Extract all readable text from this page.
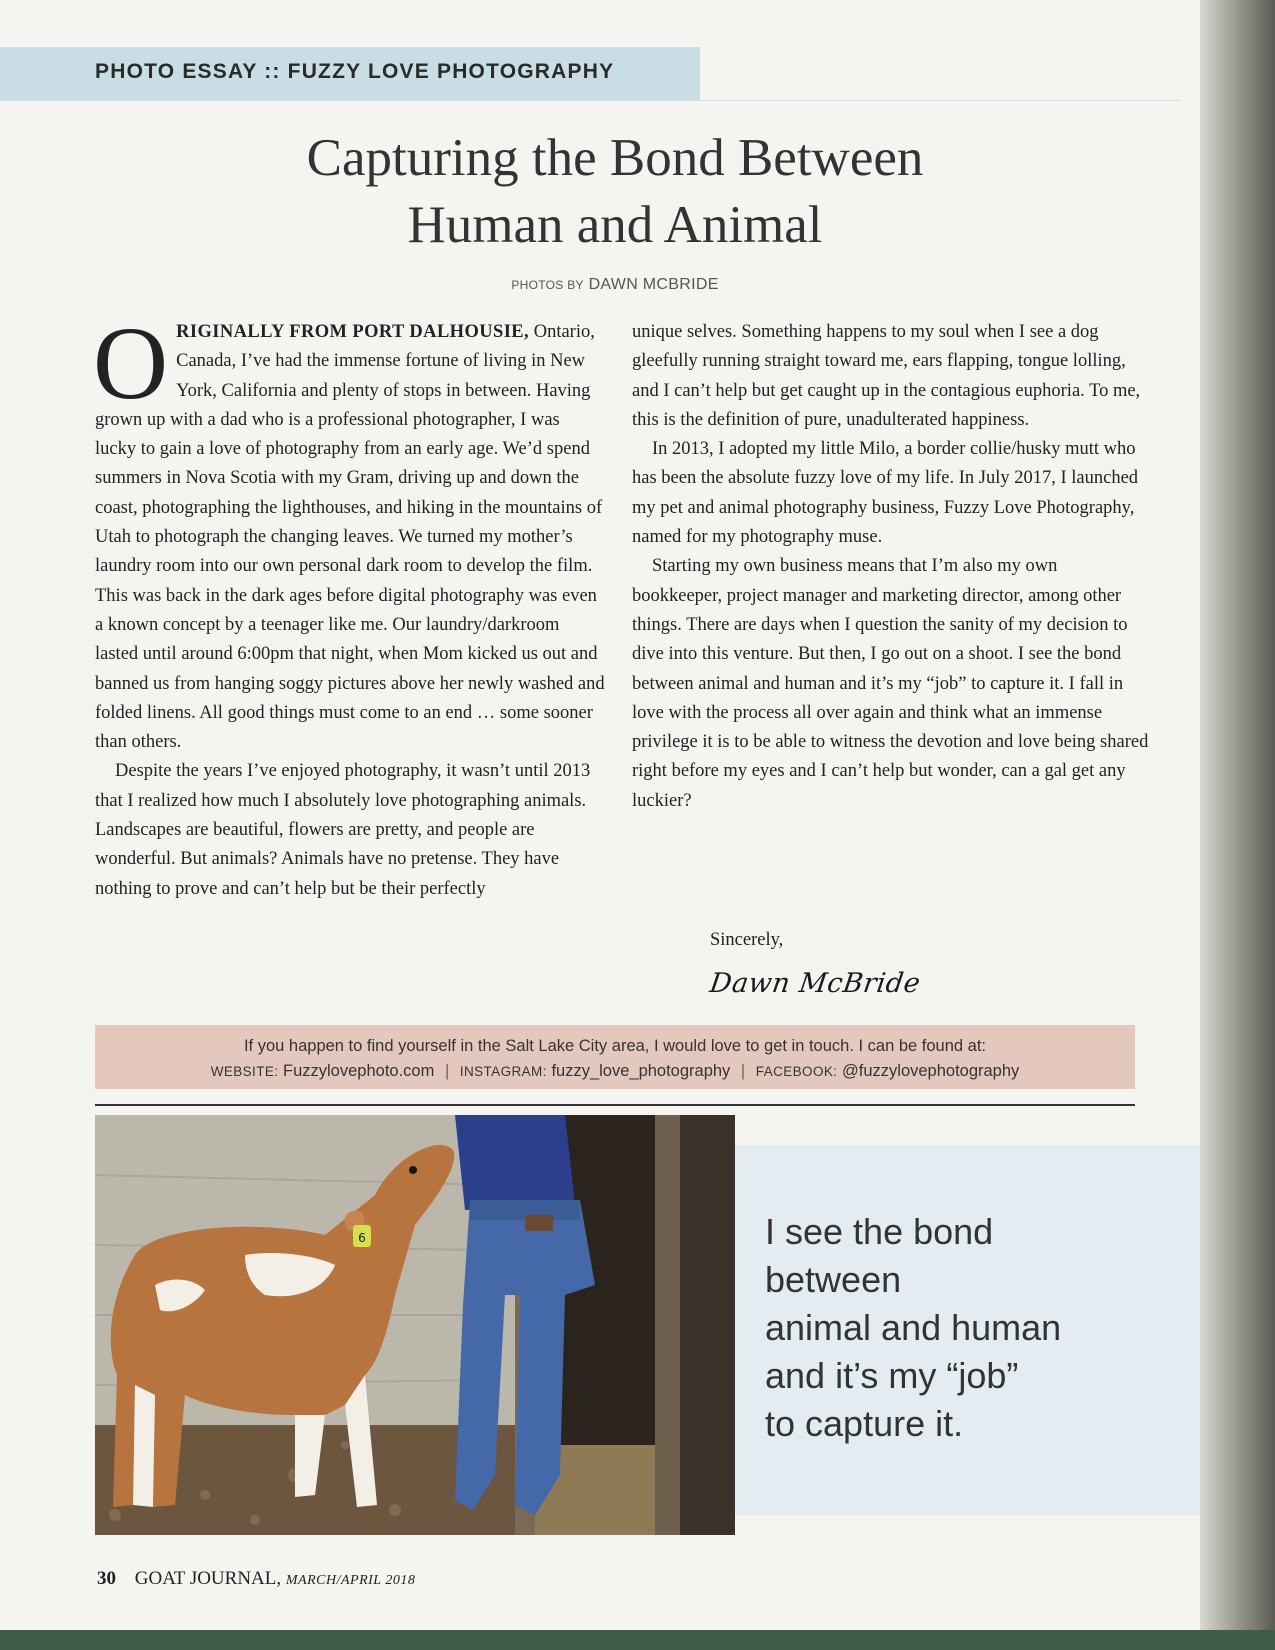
PHOTO ESSAY :: FUZZY LOVE PHOTOGRAPHY
Capturing the Bond Between
Human and Animal
PHOTOS BY DAWN MCBRIDE

ORIGINALLY FROM PORT DALHOUSIE, Ontario, Canada, I’ve had the immense fortune of living in New York, California and plenty of stops in between. Having grown up with a dad who is a professional photographer, I was lucky to gain a love of photography from an early age. We’d spend summers in Nova Scotia with my Gram, driving up and down the coast, photographing the lighthouses, and hiking in the mountains of Utah to photograph the changing leaves. We turned my mother’s laundry room into our own personal dark room to develop the film. This was back in the dark ages before digital photography was even a known concept by a teenager like me. Our laundry/darkroom lasted until around 6:00pm that night, when Mom kicked us out and banned us from hanging soggy pictures above her newly washed and folded linens. All good things must come to an end … some sooner than others.

Despite the years I’ve enjoyed photography, it wasn’t until 2013 that I realized how much I absolutely love photographing animals. Landscapes are beautiful, flowers are pretty, and people are wonderful. But animals? Animals have no pretense. They have nothing to prove and can’t help but be their perfectly

unique selves. Something happens to my soul when I see a dog gleefully running straight toward me, ears flapping, tongue lolling, and I can’t help but get caught up in the contagious euphoria. To me, this is the definition of pure, unadulterated happiness.

In 2013, I adopted my little Milo, a border collie/husky mutt who has been the absolute fuzzy love of my life. In July 2017, I launched my pet and animal photography business, Fuzzy Love Photography, named for my photography muse.

Starting my own business means that I’m also my own bookkeeper, project manager and marketing director, among other things. There are days when I question the sanity of my decision to dive into this venture. But then, I go out on a shoot. I see the bond between animal and human and it’s my “job” to capture it. I fall in love with the process all over again and think what an immense privilege it is to be able to witness the devotion and love being shared right before my eyes and I can’t help but wonder, can a gal get any luckier?

Sincerely,
Dawn McBride
If you happen to find yourself in the Salt Lake City area, I would love to get in touch. I can be found at:
WEBSITE: Fuzzylovephoto.com | INSTAGRAM: fuzzy_love_photography | FACEBOOK: @fuzzylovephotography
6	I see the bond
between
animal and human
and it’s my “job”
to capture it.
30 GOAT JOURNAL, MARCH/APRIL 2018
